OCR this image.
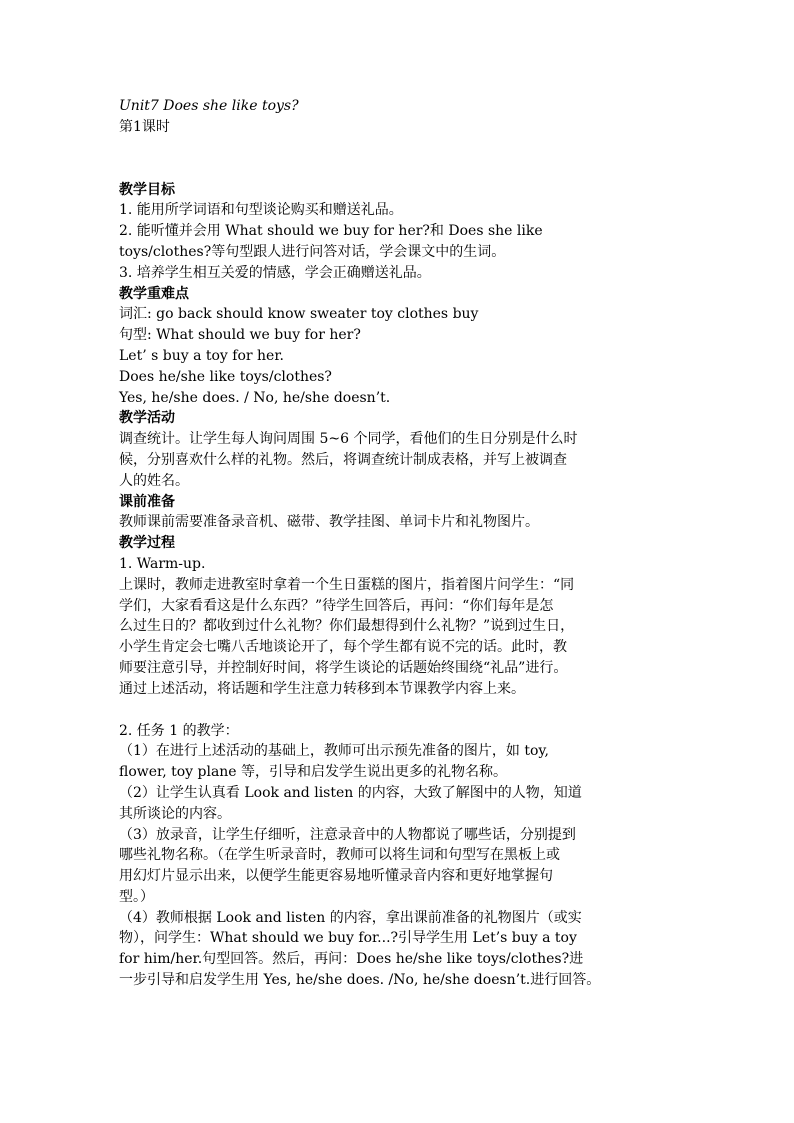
Unit7 Does she like toys?

第1课时

教学目标

1. 能用所学词语和句型谈论购买和赠送礼品。

2. 能听懂并会用 What should we buy for her?和 Does she like

toys/clothes?等句型跟人进行问答对话，学会课文中的生词。

3. 培养学生相互关爱的情感，学会正确赠送礼品。

教学重难点

词汇: go back should know sweater toy clothes buy

句型: What should we buy for her?

Let’ s buy a toy for her.

Does he/she like toys/clothes?

Yes, he/she does. / No, he/she doesn’t.

教学活动

调查统计。让学生每人询问周围 5~6 个同学，看他们的生日分别是什么时

候，分别喜欢什么样的礼物。然后，将调查统计制成表格，并写上被调查

人的姓名。

课前准备

教师课前需要准备录音机、磁带、教学挂图、单词卡片和礼物图片。

教学过程

1. Warm-up.

上课时，教师走进教室时拿着一个生日蛋糕的图片，指着图片问学生：“同

学们，大家看看这是什么东西？”待学生回答后，再问：“你们每年是怎

么过生日的？都收到过什么礼物？你们最想得到什么礼物？”说到过生日，

小学生肯定会七嘴八舌地谈论开了，每个学生都有说不完的话。此时，教

师要注意引导，并控制好时间，将学生谈论的话题始终围绕“礼品”进行。

通过上述活动，将话题和学生注意力转移到本节课教学内容上来。

2. 任务 1 的教学：

（1）在进行上述活动的基础上，教师可出示预先准备的图片，如 toy,

flower, toy plane 等，引导和启发学生说出更多的礼物名称。

（2）让学生认真看 Look and listen 的内容，大致了解图中的人物，知道

其所谈论的内容。

（3）放录音，让学生仔细听，注意录音中的人物都说了哪些话，分别提到

哪些礼物名称。（在学生听录音时，教师可以将生词和句型写在黑板上或

用幻灯片显示出来，以便学生能更容易地听懂录音内容和更好地掌握句

型。）

（4）教师根据 Look and listen 的内容，拿出课前准备的礼物图片（或实

物），问学生：What should we buy for...?引导学生用 Let’s buy a toy

for him/her.句型回答。然后，再问：Does he/she like toys/clothes?进

一步引导和启发学生用 Yes, he/she does. /No, he/she doesn’t.进行回答。
